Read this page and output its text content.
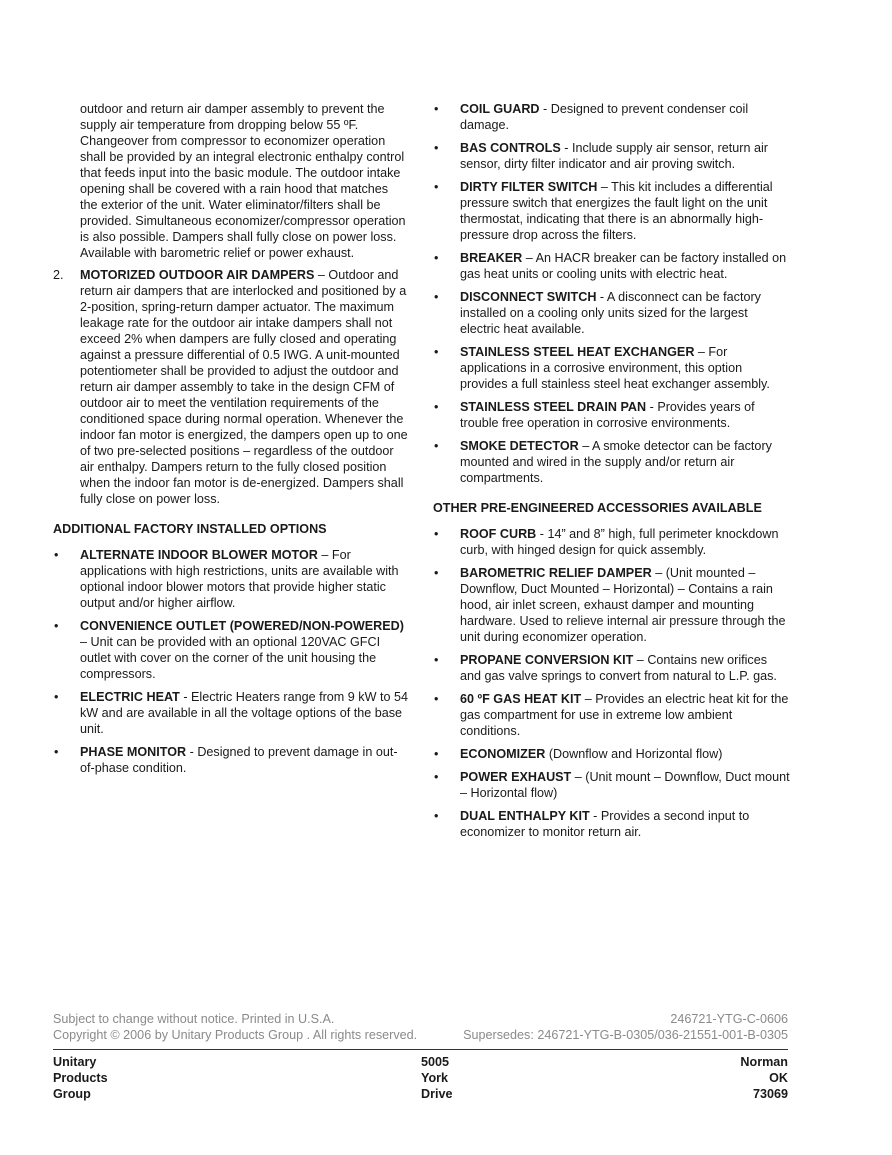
outdoor and return air damper assembly to prevent the supply air temperature from dropping below 55 ºF. Changeover from compressor to economizer operation shall be provided by an integral electronic enthalpy control that feeds input into the basic module. The outdoor intake opening shall be covered with a rain hood that matches the exterior of the unit. Water eliminator/filters shall be provided. Simultaneous economizer/compressor operation is also possible. Dampers shall fully close on power loss. Available with barometric relief or power exhaust.

2. MOTORIZED OUTDOOR AIR DAMPERS – Outdoor and return air dampers that are interlocked and positioned by a 2-position, spring-return damper actuator. The maximum leakage rate for the outdoor air intake dampers shall not exceed 2% when dampers are fully closed and operating against a pressure differential of 0.5 IWG. A unit-mounted potentiometer shall be provided to adjust the outdoor and return air damper assembly to take in the design CFM of outdoor air to meet the ventilation requirements of the conditioned space during normal operation. Whenever the indoor fan motor is energized, the dampers open up to one of two pre-selected positions – regardless of the outdoor air enthalpy. Dampers return to the fully closed position when the indoor fan motor is de-energized. Dampers shall fully close on power loss.
ADDITIONAL FACTORY INSTALLED OPTIONS
• ALTERNATE INDOOR BLOWER MOTOR – For applications with high restrictions, units are available with optional indoor blower motors that provide higher static output and/or higher airflow.
• CONVENIENCE OUTLET (POWERED/NON-POWERED) – Unit can be provided with an optional 120VAC GFCI outlet with cover on the corner of the unit housing the compressors.
• ELECTRIC HEAT - Electric Heaters range from 9 kW to 54 kW and are available in all the voltage options of the base unit.
• PHASE MONITOR - Designed to prevent damage in out-of-phase condition.
• COIL GUARD - Designed to prevent condenser coil damage.
• BAS CONTROLS - Include supply air sensor, return air sensor, dirty filter indicator and air proving switch.
• DIRTY FILTER SWITCH – This kit includes a differential pressure switch that energizes the fault light on the unit thermostat, indicating that there is an abnormally high-pressure drop across the filters.
• BREAKER – An HACR breaker can be factory installed on gas heat units or cooling units with electric heat.
• DISCONNECT SWITCH - A disconnect can be factory installed on a cooling only units sized for the largest electric heat available.
• STAINLESS STEEL HEAT EXCHANGER – For applications in a corrosive environment, this option provides a full stainless steel heat exchanger assembly.
• STAINLESS STEEL DRAIN PAN - Provides years of trouble free operation in corrosive environments.
• SMOKE DETECTOR – A smoke detector can be factory mounted and wired in the supply and/or return air compartments.
OTHER PRE-ENGINEERED ACCESSORIES AVAILABLE
• ROOF CURB - 14” and 8” high, full perimeter knockdown curb, with hinged design for quick assembly.
• BAROMETRIC RELIEF DAMPER – (Unit mounted – Downflow, Duct Mounted – Horizontal) – Contains a rain hood, air inlet screen, exhaust damper and mounting hardware. Used to relieve internal air pressure through the unit during economizer operation.
• PROPANE CONVERSION KIT – Contains new orifices and gas valve springs to convert from natural to L.P. gas.
• 60 ºF GAS HEAT KIT – Provides an electric heat kit for the gas compartment for use in extreme low ambient conditions.
• ECONOMIZER (Downflow and Horizontal flow)
• POWER EXHAUST – (Unit mount – Downflow, Duct mount – Horizontal flow)
• DUAL ENTHALPY KIT - Provides a second input to economizer to monitor return air.
Subject to change without notice. Printed in U.S.A.	246721-YTG-C-0606
Copyright © 2006 by Unitary Products Group . All rights reserved.	Supersedes: 246721-YTG-B-0305/036-21551-001-B-0305
Unitary
Products
Group
5005
York
Drive
Norman
OK
73069
